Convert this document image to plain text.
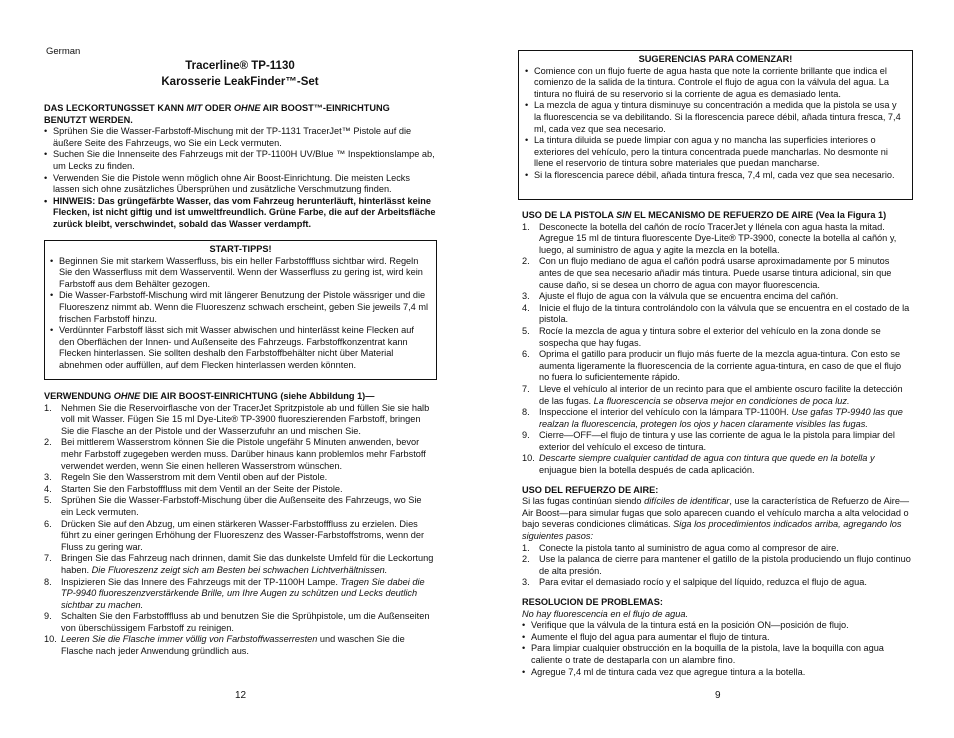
German
Tracerline® TP-1130
Karosserie LeakFinder™-Set

DAS LECKORTUNGSSET KANN MIT ODER OHNE AIR BOOST™-EINRICHTUNG
BENUTZT WERDEN.

• Sprühen Sie die Wasser-Farbstoff-Mischung mit der TP-1131 TracerJet™ Pistole auf die äußere Seite des Fahrzeugs, wo Sie ein Leck vermuten.
• Suchen Sie die Innenseite des Fahrzeugs mit der TP-1100H UV/Blue ™ Inspektionslampe ab, um Lecks zu finden.
• Verwenden Sie die Pistole wenn möglich ohne Air Boost-Einrichtung. Die meisten Lecks lassen sich ohne zusätzliches Übersprühen und zusätzliche Verschmutzung finden.
• HINWEIS: Das grüngefärbte Wasser, das vom Fahrzeug herunterläuft, hinterlässt keine Flecken, ist nicht giftig und ist umweltfreundlich. Grüne Farbe, die auf der Arbeitsfläche zurück bleibt, verschwindet, sobald das Wasser verdampft.

START-TIPPS!

• Beginnen Sie mit starkem Wasserfluss, bis ein heller Farbstofffluss sichtbar wird. Regeln Sie den Wasserfluss mit dem Wasserventil. Wenn der Wasserfluss zu gering ist, wird kein Farbstoff aus dem Behälter gezogen.
• Die Wasser-Farbstoff-Mischung wird mit längerer Benutzung der Pistole wässriger und die Fluoreszenz nimmt ab. Wenn die Fluoreszenz schwach erscheint, geben Sie jeweils 7,4 ml frischen Farbstoff hinzu.
• Verdünnter Farbstoff lässt sich mit Wasser abwischen und hinterlässt keine Flecken auf den Oberflächen der Innen- und Außenseite des Fahrzeugs. Farbstoffkonzentrat kann Flecken hinterlassen. Sie sollten deshalb den Farbstoffbehälter nicht über Material abnehmen oder auffüllen, auf dem Flecken hinterlassen werden könnten.

VERWENDUNG OHNE DIE AIR BOOST-EINRICHTUNG (siehe Abbildung 1)—

1. Nehmen Sie die Reservoirflasche von der TracerJet Spritzpistole ab und füllen Sie sie halb voll mit Wasser. Fügen Sie 15 ml Dye-Lite® TP-3900 fluoreszierenden Farbstoff, bringen Sie die Flasche an der Pistole und der Wasserzufuhr an und mischen Sie.
2. Bei mittlerem Wasserstrom können Sie die Pistole ungefähr 5 Minuten anwenden, bevor mehr Farbstoff zugegeben werden muss. Darüber hinaus kann problemlos mehr Farbstoff verwendet werden, wenn Sie einen helleren Wasserstrom wünschen.
3. Regeln Sie den Wasserstrom mit dem Ventil oben auf der Pistole.
4. Starten Sie den Farbstofffluss mit dem Ventil an der Seite der Pistole.
5. Sprühen Sie die Wasser-Farbstoff-Mischung über die Außenseite des Fahrzeugs, wo Sie ein Leck vermuten.
6. Drücken Sie auf den Abzug, um einen stärkeren Wasser-Farbstofffluss zu erzielen. Dies führt zu einer geringen Erhöhung der Fluoreszenz des Wasser-Farbstoffstroms, wenn der Fluss zu gering war.
7. Bringen Sie das Fahrzeug nach drinnen, damit Sie das dunkelste Umfeld für die Leckortung haben. Die Fluoreszenz zeigt sich am Besten bei schwachen Lichtverhältnissen.
8. Inspizieren Sie das Innere des Fahrzeugs mit der TP-1100H Lampe. Tragen Sie dabei die TP-9940 fluoreszenzverstärkende Brille, um Ihre Augen zu schützen und Lecks deutlich sichtbar zu machen.
9. Schalten Sie den Farbstofffluss ab und benutzen Sie die Sprühpistole, um die Außenseiten von überschüssigem Farbstoff zu reinigen.
10. Leeren Sie die Flasche immer völlig von Farbstoffwasserresten und waschen Sie die Flasche nach jeder Anwendung gründlich aus.
12

SUGERENCIAS PARA COMENZAR!

• Comience con un flujo fuerte de agua hasta que note la corriente brillante que indica el comienzo de la salida de la tintura. Controle el flujo de agua con la válvula del agua. La tintura no fluirá de su reservorio si la corriente de agua es demasiado lenta.
• La mezcla de agua y tintura disminuye su concentración a medida que la pistola se usa y la fluorescencia se va debilitando. Si la florescencia parece débil, añada tintura fresca, 7,4 ml, cada vez que sea necesario.
• La tintura diluida se puede limpiar con agua y no mancha las superficies interiores o exteriores del vehículo, pero la tintura concentrada puede mancharlas. No desmonte ni llene el reservorio de tintura sobre materiales que puedan mancharse.
• Si la florescencia parece débil, añada tintura fresca, 7,4 ml, cada vez que sea necesario.

USO DE LA PISTOLA SIN EL MECANISMO DE REFUERZO DE AIRE (Vea la Figura 1)

1. Desconecte la botella del cañón de rocío TracerJet y llénela con agua hasta la mitad. Agregue 15 ml de tintura fluorescente Dye-Lite® TP-3900, conecte la botella al cañón y, luego, al suministro de agua y agite la mezcla en la botella.
2. Con un flujo mediano de agua el cañón podrá usarse aproximadamente por 5 minutos antes de que sea necesario añadir más tintura. Puede usarse tintura adicional, sin que cause daño, si se desea un chorro de agua con mayor fluorescencia.
3. Ajuste el flujo de agua con la válvula que se encuentra encima del cañón.
4. Inicie el flujo de la tintura controlándolo con la válvula que se encuentra en el costado de la pistola.
5. Rocíe la mezcla de agua y tintura sobre el exterior del vehículo en la zona donde se sospecha que hay fugas.
6. Oprima el gatillo para producir un flujo más fuerte de la mezcla agua-tintura. Con esto se aumenta ligeramente la fluorescencia de la corriente agua-tintura, en caso de que el flujo no fuera lo suficientemente rápido.
7. Lleve el vehículo al interior de un recinto para que el ambiente oscuro facilite la detección de las fugas. La fluorescencia se observa mejor en condiciones de poca luz.
8. Inspeccione el interior del vehículo con la lámpara TP-1100H. Use gafas TP-9940 las que realzan la fluorescencia, protegen los ojos y hacen claramente visibles las fugas.
9. Cierre—OFF—el flujo de tintura y use las corriente de agua le la pistola para limpiar del exterior del vehículo el exceso de tintura.
10. Descarte siempre cualquier cantidad de agua con tintura que quede en la botella y enjuague bien la botella después de cada aplicación.

USO DEL REFUERZO DE AIRE:

Si las fugas continúan siendo difíciles de identificar, use la característica de Refuerzo de Aire—Air Boost—para simular fugas que solo aparecen cuando el vehículo marcha a alta velocidad o bajo severas condiciones climáticas. Siga los procedimientos indicados arriba, agregando los siguientes pasos:

1. Conecte la pistola tanto al suministro de agua como al compresor de aire.
2. Use la palanca de cierre para mantener el gatillo de la pistola produciendo un flujo continuo de alta presión.
3. Para evitar el demasiado rocío y el salpique del líquido, reduzca el flujo de agua.

RESOLUCION DE PROBLEMAS:

No hay fluorescencia en el flujo de agua.

• Verifique que la válvula de la tintura está en la posición ON—posición de flujo.
• Aumente el flujo del agua para aumentar el flujo de tintura.
• Para limpiar cualquier obstrucción en la boquilla de la pistola, lave la boquilla con agua caliente o trate de destaparla con un alambre fino.
• Agregue 7,4 ml de tintura cada vez que agregue tintura a la botella.
9
